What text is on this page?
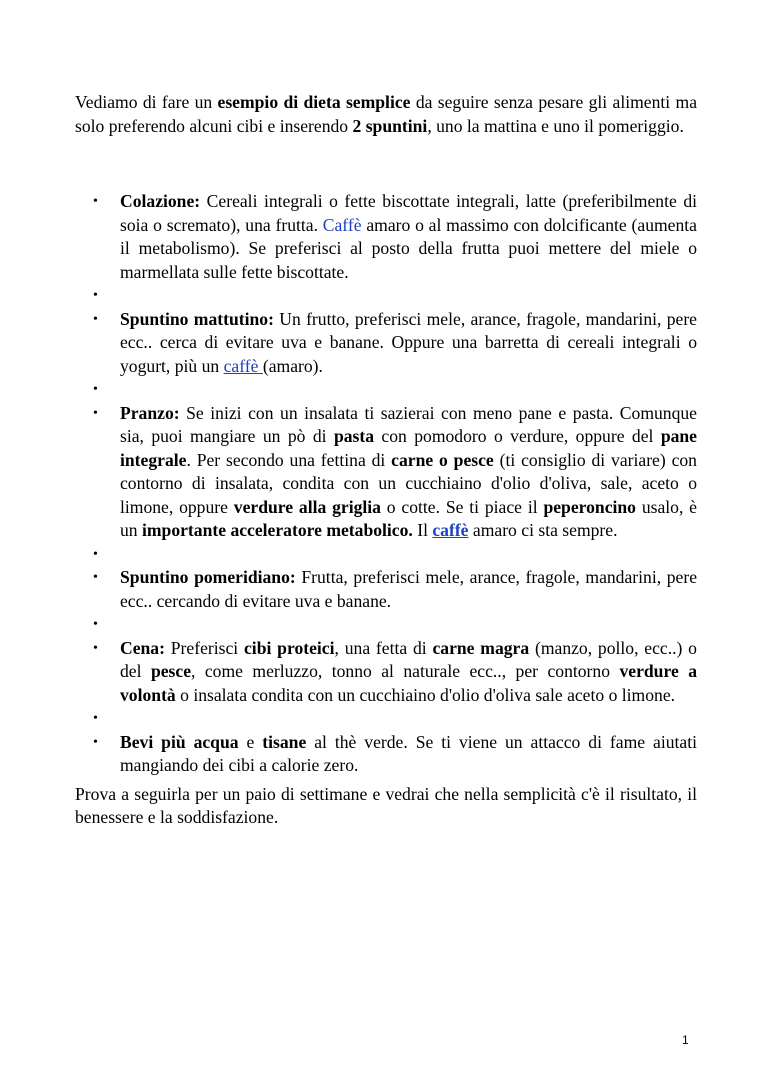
Vediamo di fare un esempio di dieta semplice da seguire senza pesare gli alimenti ma solo preferendo alcuni cibi e inserendo 2 spuntini, uno la mattina e uno il pomeriggio.

• Colazione: Cereali integrali o fette biscottate integrali, latte (preferibilmente di soia o scremato), una frutta. Caffè amaro o al massimo con dolcificante (aumenta il metabolismo). Se preferisci al posto della frutta puoi mettere del miele o marmellata sulle fette biscottate.
•
• Spuntino mattutino: Un frutto, preferisci mele, arance, fragole, mandarini, pere ecc.. cerca di evitare uva e banane. Oppure una barretta di cereali integrali o yogurt, più un caffè (amaro).
•
• Pranzo: Se inizi con un insalata ti sazierai con meno pane e pasta. Comunque sia, puoi mangiare un pò di pasta con pomodoro o verdure, oppure del pane integrale. Per secondo una fettina di carne o pesce (ti consiglio di variare) con contorno di insalata, condita con un cucchiaino d'olio d'oliva, sale, aceto o limone, oppure verdure alla griglia o cotte. Se ti piace il peperoncino usalo, è un importante acceleratore metabolico. Il caffè amaro ci sta sempre.
•
• Spuntino pomeridiano: Frutta, preferisci mele, arance, fragole, mandarini, pere ecc.. cercando di evitare uva e banane.
•
• Cena: Preferisci cibi proteici, una fetta di carne magra (manzo, pollo, ecc..) o del pesce, come merluzzo, tonno al naturale ecc.., per contorno verdure a volontà o insalata condita con un cucchiaino d'olio d'oliva sale aceto o limone.
•
• Bevi più acqua e tisane al thè verde. Se ti viene un attacco di fame aiutati mangiando dei cibi a calorie zero.

Prova a seguirla per un paio di settimane e vedrai che nella semplicità c'è il risultato, il benessere e la soddisfazione.

1
